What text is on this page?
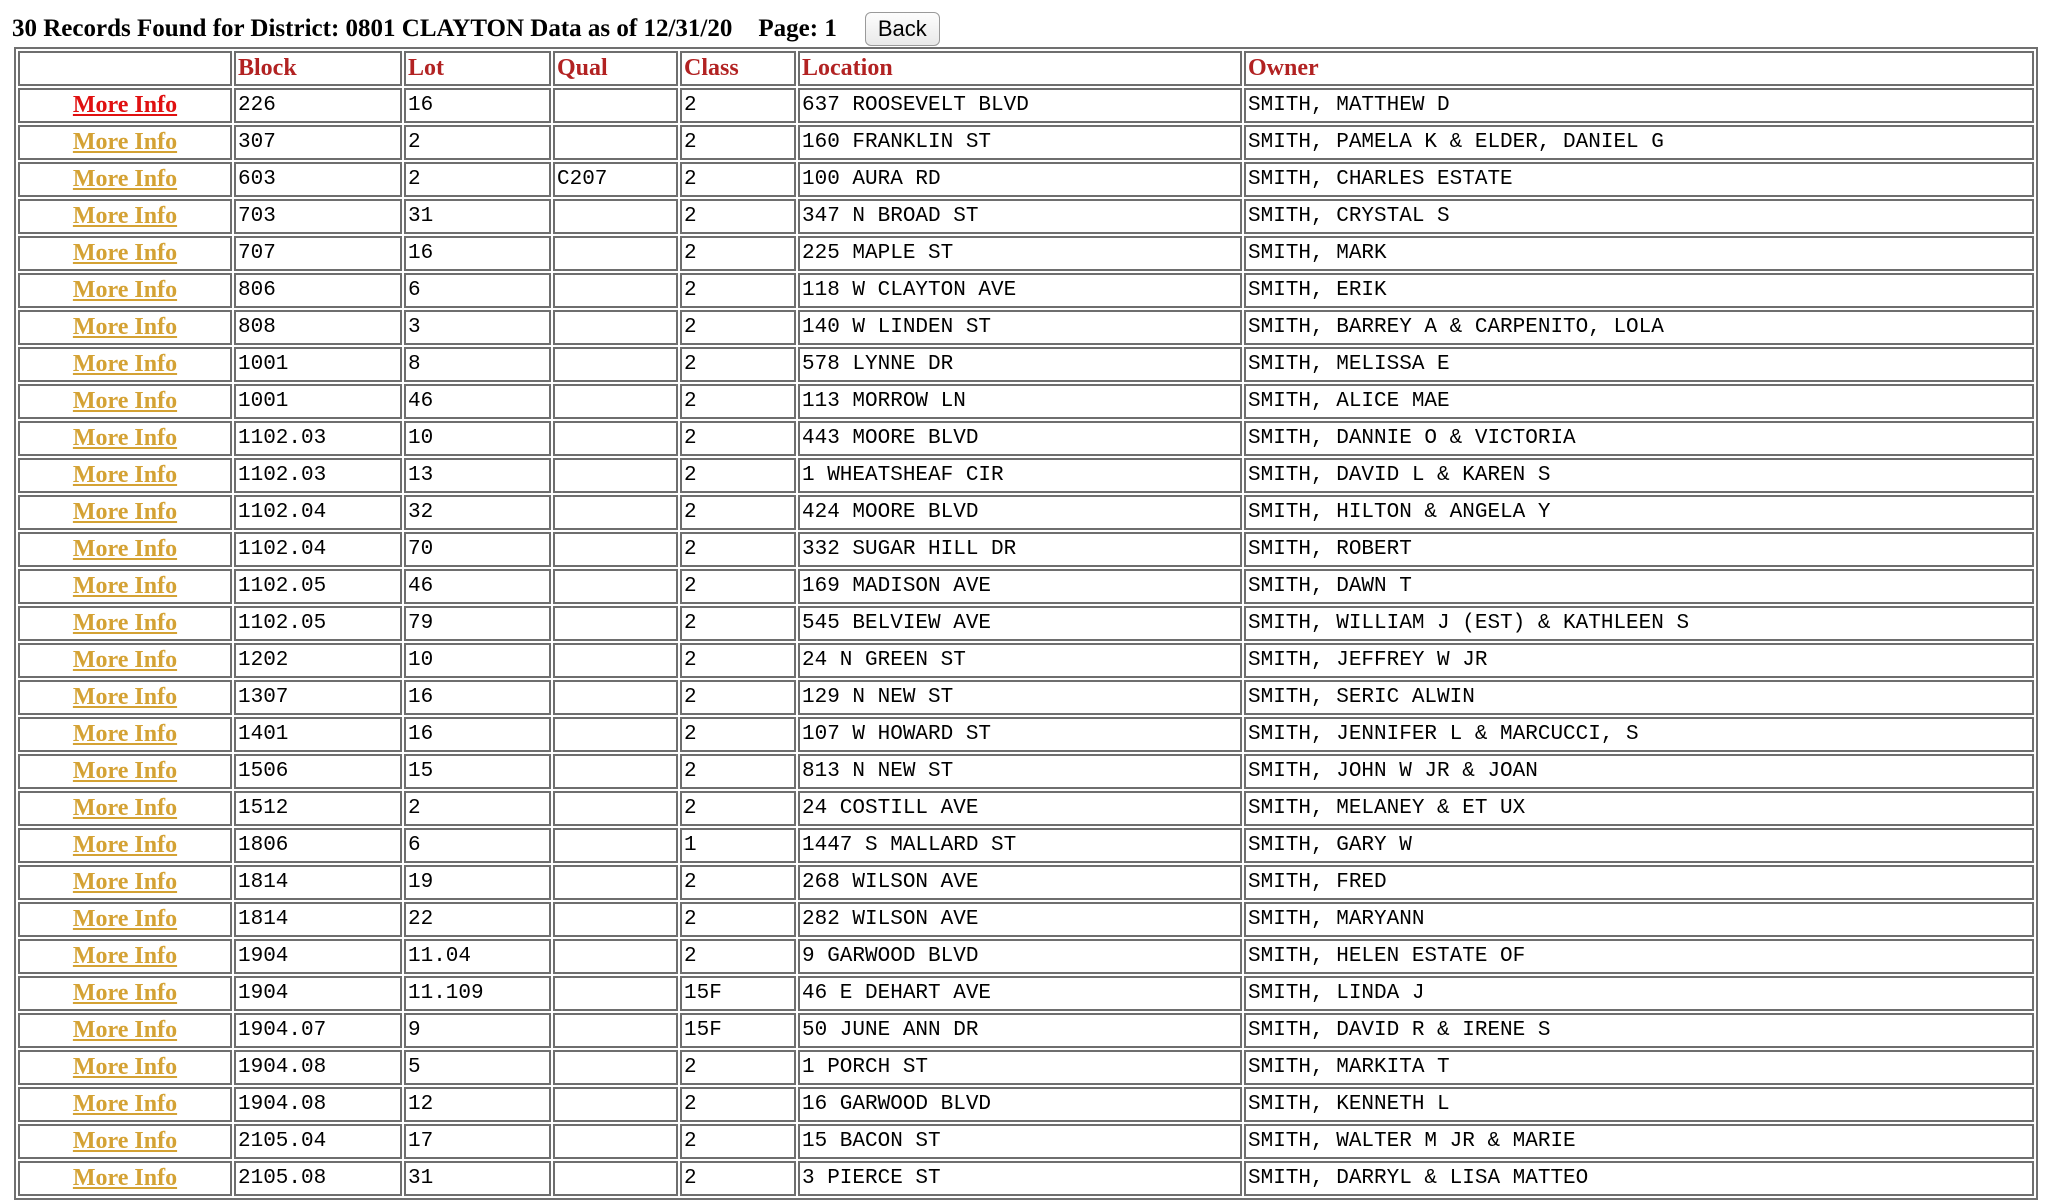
30 Records Found for District: 0801 CLAYTON Data as of 12/31/20 Page: 1	Back
	Block	Lot	Qual	Class	Location	Owner
More Info	226	16		2	637 ROOSEVELT BLVD	SMITH, MATTHEW D
More Info	307	2		2	160 FRANKLIN ST	SMITH, PAMELA K & ELDER, DANIEL G
More Info	603	2	C207	2	100 AURA RD	SMITH, CHARLES ESTATE
More Info	703	31		2	347 N BROAD ST	SMITH, CRYSTAL S
More Info	707	16		2	225 MAPLE ST	SMITH, MARK
More Info	806	6		2	118 W CLAYTON AVE	SMITH, ERIK
More Info	808	3		2	140 W LINDEN ST	SMITH, BARREY A & CARPENITO, LOLA
More Info	1001	8		2	578 LYNNE DR	SMITH, MELISSA E
More Info	1001	46		2	113 MORROW LN	SMITH, ALICE MAE
More Info	1102.03	10		2	443 MOORE BLVD	SMITH, DANNIE O & VICTORIA
More Info	1102.03	13		2	1 WHEATSHEAF CIR	SMITH, DAVID L & KAREN S
More Info	1102.04	32		2	424 MOORE BLVD	SMITH, HILTON & ANGELA Y
More Info	1102.04	70		2	332 SUGAR HILL DR	SMITH, ROBERT
More Info	1102.05	46		2	169 MADISON AVE	SMITH, DAWN T
More Info	1102.05	79		2	545 BELVIEW AVE	SMITH, WILLIAM J (EST) & KATHLEEN S
More Info	1202	10		2	24 N GREEN ST	SMITH, JEFFREY W JR
More Info	1307	16		2	129 N NEW ST	SMITH, SERIC ALWIN
More Info	1401	16		2	107 W HOWARD ST	SMITH, JENNIFER L & MARCUCCI, S
More Info	1506	15		2	813 N NEW ST	SMITH, JOHN W JR & JOAN
More Info	1512	2		2	24 COSTILL AVE	SMITH, MELANEY & ET UX
More Info	1806	6		1	1447 S MALLARD ST	SMITH, GARY W
More Info	1814	19		2	268 WILSON AVE	SMITH, FRED
More Info	1814	22		2	282 WILSON AVE	SMITH, MARYANN
More Info	1904	11.04		2	9 GARWOOD BLVD	SMITH, HELEN ESTATE OF
More Info	1904	11.109		15F	46 E DEHART AVE	SMITH, LINDA J
More Info	1904.07	9		15F	50 JUNE ANN DR	SMITH, DAVID R & IRENE S
More Info	1904.08	5		2	1 PORCH ST	SMITH, MARKITA T
More Info	1904.08	12		2	16 GARWOOD BLVD	SMITH, KENNETH L
More Info	2105.04	17		2	15 BACON ST	SMITH, WALTER M JR & MARIE
More Info	2105.08	31		2	3 PIERCE ST	SMITH, DARRYL & LISA MATTEO
